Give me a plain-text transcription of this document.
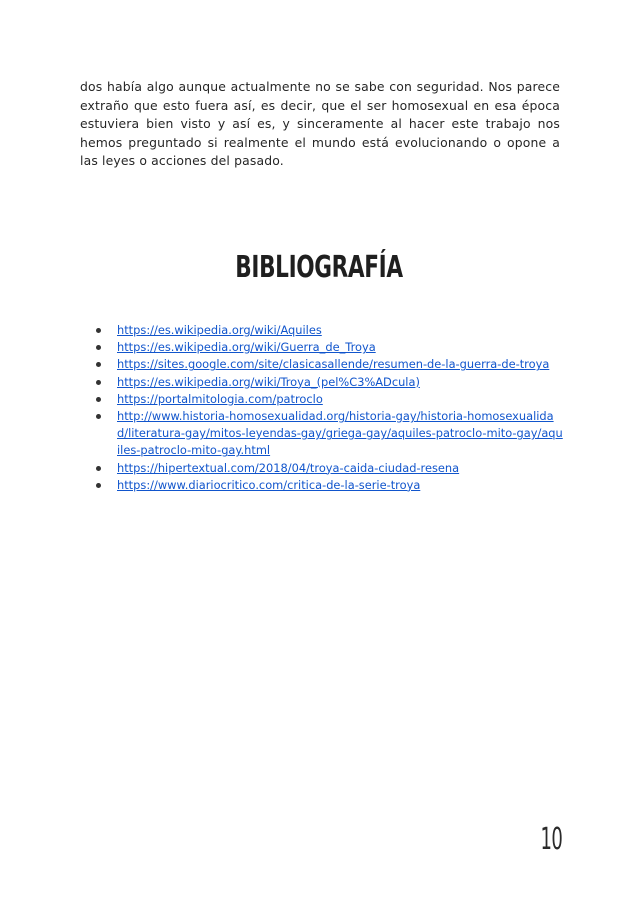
dos había algo aunque actualmente no se sabe con seguridad. Nos parece extraño que esto fuera así, es decir, que el ser homosexual en esa época estuviera bien visto y así es, y sinceramente al hacer este trabajo nos hemos preguntado si realmente el mundo está evolucionando o opone a las leyes o acciones del pasado.

BIBLIOGRAFÍA
https://es.wikipedia.org/wiki/Aquiles
https://es.wikipedia.org/wiki/Guerra_de_Troya
https://sites.google.com/site/clasicasallende/resumen-de-la-guerra-de-troya
https://es.wikipedia.org/wiki/Troya_(pel%C3%ADcula)
https://portalmitologia.com/patroclo
http://www.historia-homosexualidad.org/historia-gay/historia-homosexualidad/literatura-gay/mitos-leyendas-gay/griega-gay/aquiles-patroclo-mito-gay/aquiles-patroclo-mito-gay.html
https://hipertextual.com/2018/04/troya-caida-ciudad-resena
https://www.diariocritico.com/critica-de-la-serie-troya
10
